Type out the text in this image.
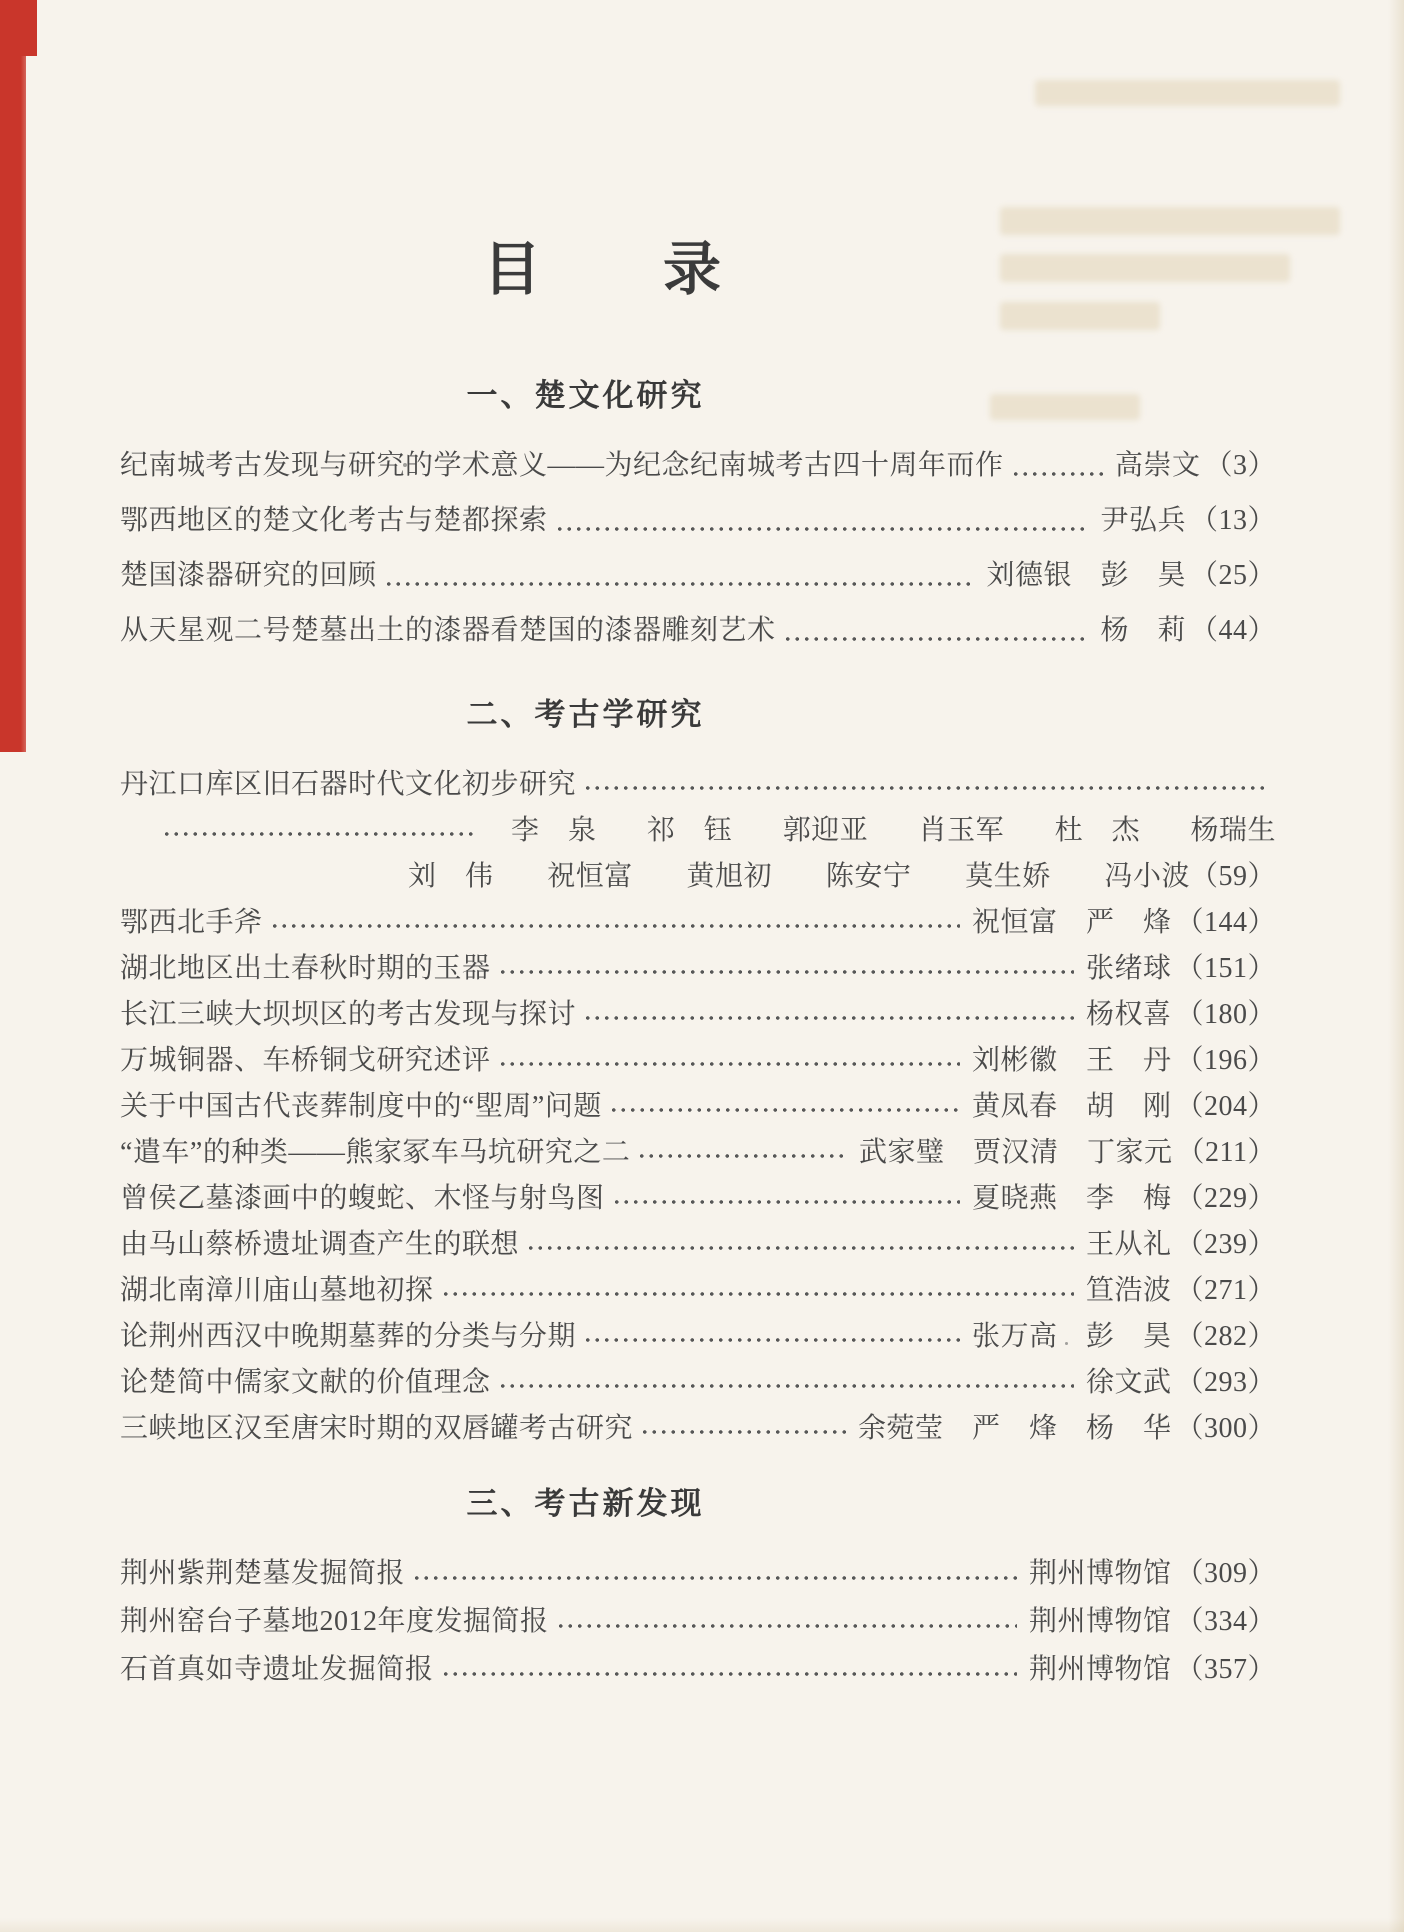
目　　录
一、楚文化研究
纪南城考古发现与研究的学术意义——为纪念纪南城考古四十周年而作	高崇文 （3）
鄂西地区的楚文化考古与楚都探索	尹弘兵 （13）
楚国漆器研究的回顾	刘德银　彭　昊 （25）
从天星观二号楚墓出土的漆器看楚国的漆器雕刻艺术	杨　莉 （44）
二、考古学研究
丹江口库区旧石器时代文化初步研究
李　泉 祁　钰 郭迎亚 肖玉军 杜　杰 杨瑞生
刘　伟 祝恒富 黄旭初 陈安宁 莫生娇 冯小波（59）
鄂西北手斧	祝恒富　严　烽 （144）
湖北地区出土春秋时期的玉器	张绪球 （151）
长江三峡大坝坝区的考古发现与探讨	杨权喜 （180）
万城铜器、车桥铜戈研究述评	刘彬徽　王　丹 （196）
关于中国古代丧葬制度中的“堲周”问题	黄凤春　胡　刚 （204）
“遣车”的种类——熊家冢车马坑研究之二	武家璧　贾汉清　丁家元 （211）
曾侯乙墓漆画中的蝮蛇、木怪与射鸟图	夏晓燕　李　梅 （229）
由马山蔡桥遗址调查产生的联想	王从礼 （239）
湖北南漳川庙山墓地初探	笪浩波 （271）
论荆州西汉中晚期墓葬的分类与分期	张万高　彭　昊 （282）
论楚简中儒家文献的价值理念	徐文武 （293）
三峡地区汉至唐宋时期的双唇罐考古研究	余菀莹　严　烽　杨　华 （300）
三、考古新发现
荆州紫荆楚墓发掘简报	荆州博物馆 （309）
荆州窑台子墓地2012年度发掘简报	荆州博物馆 （334）
石首真如寺遗址发掘简报	荆州博物馆 （357）
